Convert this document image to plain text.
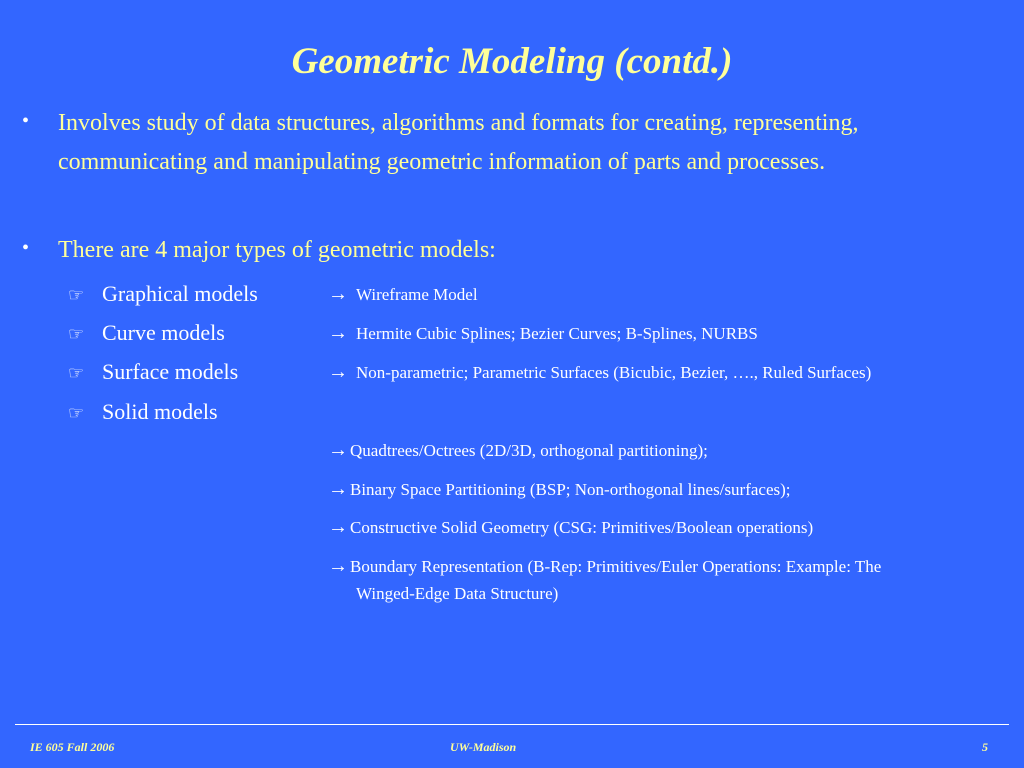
Geometric Modeling (contd.)
• Involves study of data structures, algorithms and formats for creating, representing,
communicating and manipulating geometric information of parts and processes.
• There are 4 major types of geometric models:
☞ Graphical models	→ Wireframe Model
☞ Curve models	→ Hermite Cubic Splines; Bezier Curves; B-Splines, NURBS
☞ Surface models	→ Non-parametric; Parametric Surfaces (Bicubic, Bezier, …., Ruled Surfaces)
☞ Solid models
→ Quadtrees/Octrees (2D/3D, orthogonal partitioning);
→ Binary Space Partitioning (BSP; Non-orthogonal lines/surfaces);
→ Constructive Solid Geometry (CSG: Primitives/Boolean operations)
→ Boundary Representation (B-Rep: Primitives/Euler Operations: Example: The
Winged-Edge Data Structure)
IE 605 Fall 2006	UW-Madison	5
